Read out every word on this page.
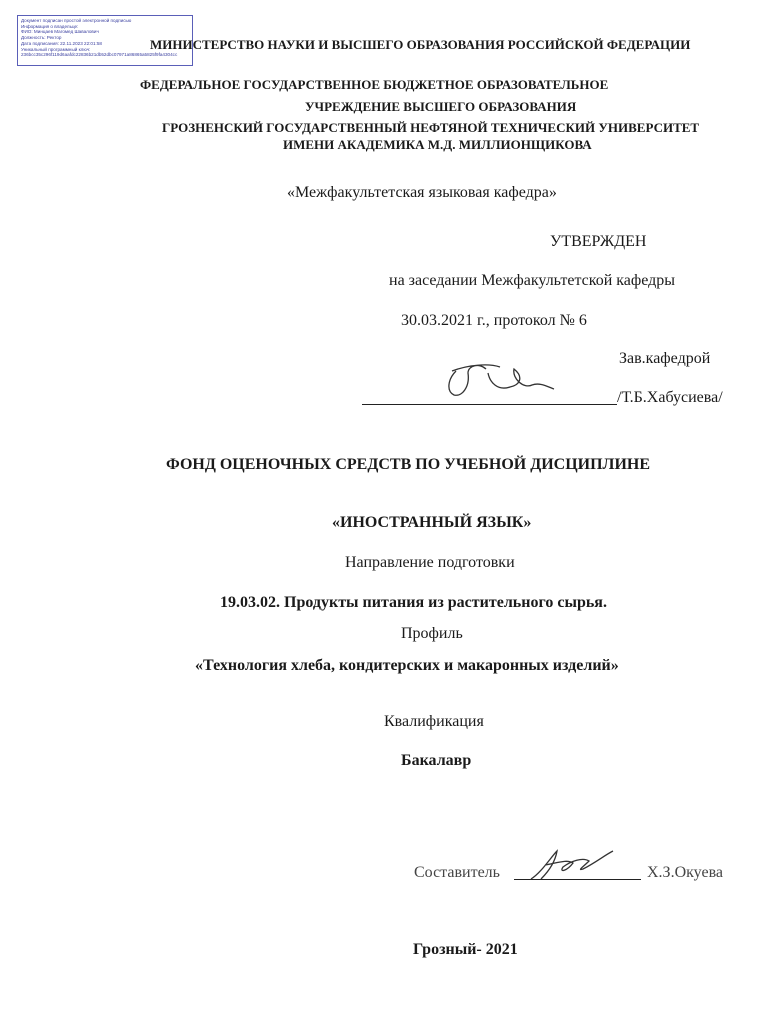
Документ подписан простой электронной подписью
Информация о владельце:
ФИО: Минцаев Магомед Шавалович
Должность: Ректор
Дата подписания: 22.11.2023 22:01:58
Уникальный программный ключ:
236bcc35c296f119d6aafdc22836b21db52dbc07971a86865a5825f9fa4304cc
МИНИСТЕРСТВО НАУКИ И ВЫСШЕГО ОБРАЗОВАНИЯ РОССИЙСКОЙ ФЕДЕРАЦИИ
ФЕДЕРАЛЬНОЕ ГОСУДАРСТВЕННОЕ БЮДЖЕТНОЕ ОБРАЗОВАТЕЛЬНОЕ
УЧРЕЖДЕНИЕ ВЫСШЕГО ОБРАЗОВАНИЯ
ГРОЗНЕНСКИЙ ГОСУДАРСТВЕННЫЙ НЕФТЯНОЙ ТЕХНИЧЕСКИЙ УНИВЕРСИТЕТ
ИМЕНИ АКАДЕМИКА М.Д. МИЛЛИОНЩИКОВА
«Межфакультетская языковая кафедра»
УТВЕРЖДЕН
на заседании Межфакультетской кафедры
30.03.2021 г., протокол № 6
Зав.кафедрой
/Т.Б.Хабусиева/
ФОНД ОЦЕНОЧНЫХ СРЕДСТВ ПО УЧЕБНОЙ ДИСЦИПЛИНЕ
«ИНОСТРАННЫЙ ЯЗЫК»
Направление подготовки
19.03.02. Продукты питания из растительного сырья.
Профиль
«Технология хлеба, кондитерских и макаронных изделий»
Квалификация
Бакалавр
Составитель	Х.З.Окуева
Грозный- 2021
